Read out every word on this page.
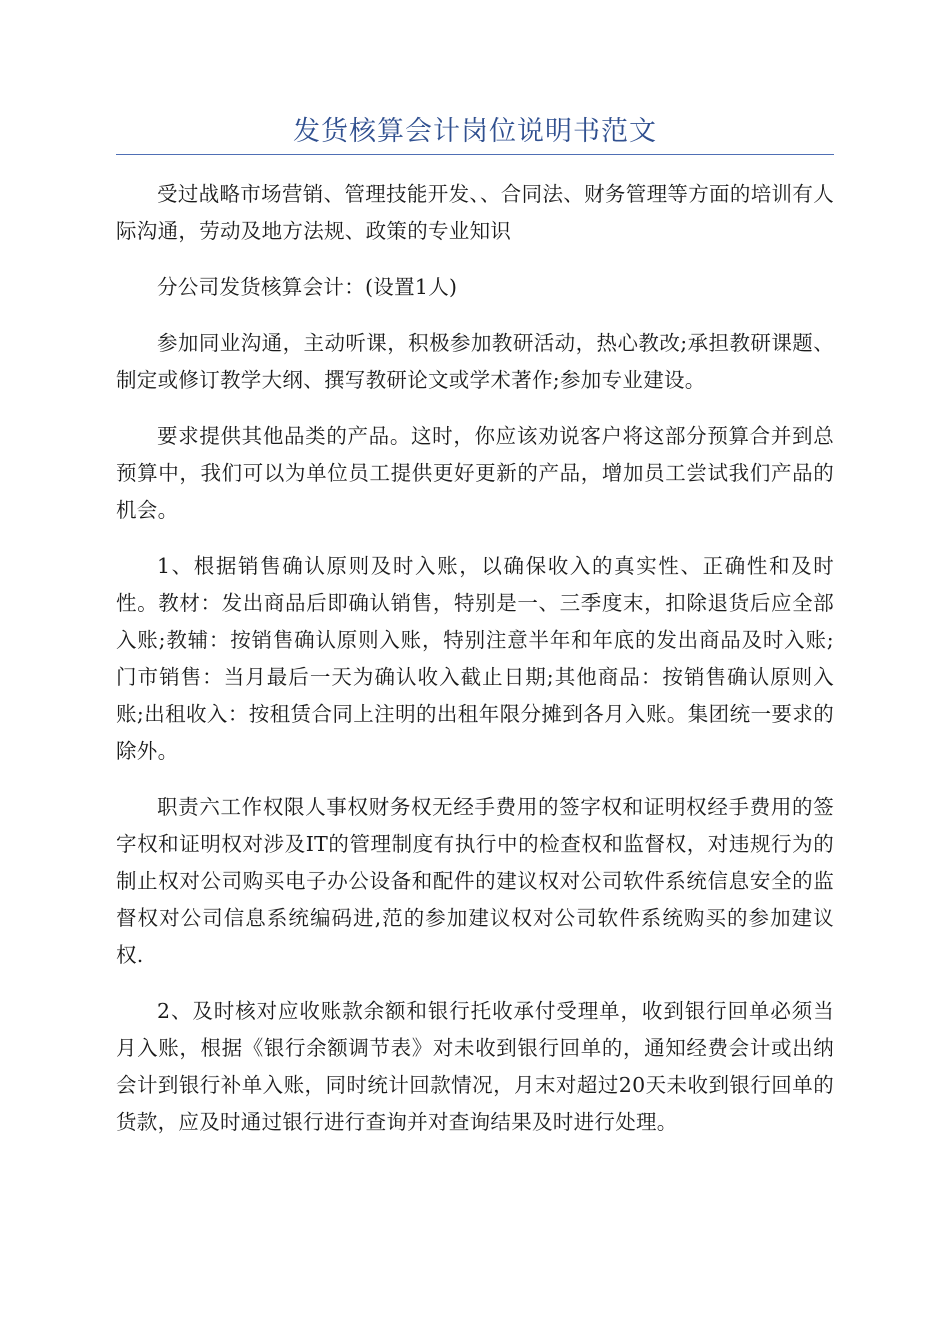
发货核算会计岗位说明书范文

受过战略市场营销、管理技能开发、、合同法、财务管理等方面的培训有人际沟通，劳动及地方法规、政策的专业知识

分公司发货核算会计：(设置1人)

参加同业沟通，主动听课，积极参加教研活动，热心教改;承担教研课题、制定或修订教学大纲、撰写教研论文或学术著作;参加专业建设。

要求提供其他品类的产品。这时，你应该劝说客户将这部分预算合并到总预算中，我们可以为单位员工提供更好更新的产品，增加员工尝试我们产品的机会。

1、根据销售确认原则及时入账，以确保收入的真实性、正确性和及时性。教材：发出商品后即确认销售，特别是一、三季度末，扣除退货后应全部入账;教辅：按销售确认原则入账，特别注意半年和年底的发出商品及时入账;门市销售：当月最后一天为确认收入截止日期;其他商品：按销售确认原则入账;出租收入：按租赁合同上注明的出租年限分摊到各月入账。集团统一要求的除外。

职责六工作权限人事权财务权无经手费用的签字权和证明权经手费用的签字权和证明权对涉及IT的管理制度有执行中的检查权和监督权，对违规行为的制止权对公司购买电子办公设备和配件的建议权对公司软件系统信息安全的监督权对公司信息系统编码进,范的参加建议权对公司软件系统购买的参加建议权.

2、及时核对应收账款余额和银行托收承付受理单，收到银行回单必须当月入账，根据《银行余额调节表》对未收到银行回单的，通知经费会计或出纳会计到银行补单入账，同时统计回款情况，月末对超过20天未收到银行回单的货款，应及时通过银行进行查询并对查询结果及时进行处理。
